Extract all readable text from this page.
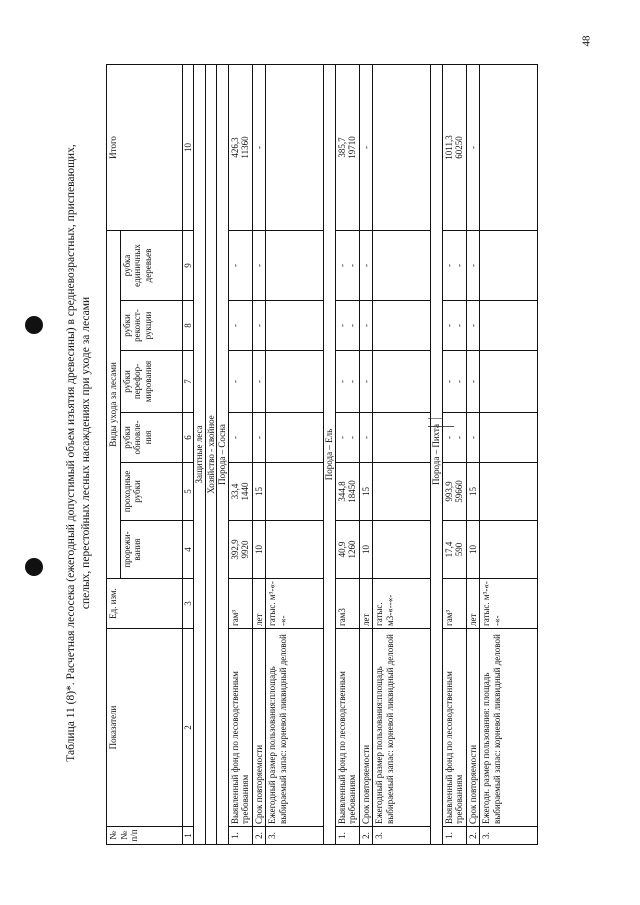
48
Таблица 11 (8)*. Расчетная лесосека (ежегодный допустимый объем изъятия древесины) в средневозрастных, приспевающих, спелых, перестойных лесных насаждениях при уходе за лесами
№№ п/п	Показатели	Ед. изм.	Виды ухода за лесами						Итого
			прорежи-вания	проходные рубки	рубки обновле-ния	рубки перефор-мирования	рубки реконст-рукции	рубка единичных деревьев	
1	2	3	4	5	6	7	8	9	10
Защитные леса									
Хозяйство - хвойное									
Порода – Сосна									
1.	Выявленный фонд по лесоводственным требованиям	гам³	392,9 9920	33,4 1440	-	-	-	-	426,3 11360

2.	Срок повторяемости	лет	10	15	-	-	-	-	-

3.	Ежегодный размер пользования:площадь выбираемый запас: корневой ликвидный деловой	гатыс. м³-«--«-	

Порода – Ель									
1.	Выявленный фонд по лесоводственным требованиям	гам3	40,9 1260	344,8 18450	- -	- -	- -	- -	385,7 19710

2.	Срок повторяемости	лет	10	15	-	-	-	-	-

3.	Ежегодный размер пользования:площадь выбираемый запас: корневой ликвидный деловой	гатыс. м3-«--«-	

Порода – Пихта									
1.	Выявленный фонд по лесоводственным требованиям	гам³	17,4 590	993,9 59660	- -	- -	- -	- -	1011,3 60250

2.	Срок повторяемости	лет	10	15	-	-	-	-	-

3.	Ежегодн. размер пользования: площадь выбираемый запас: корневой ликвидный деловой	гатыс. м³-«--«-	
